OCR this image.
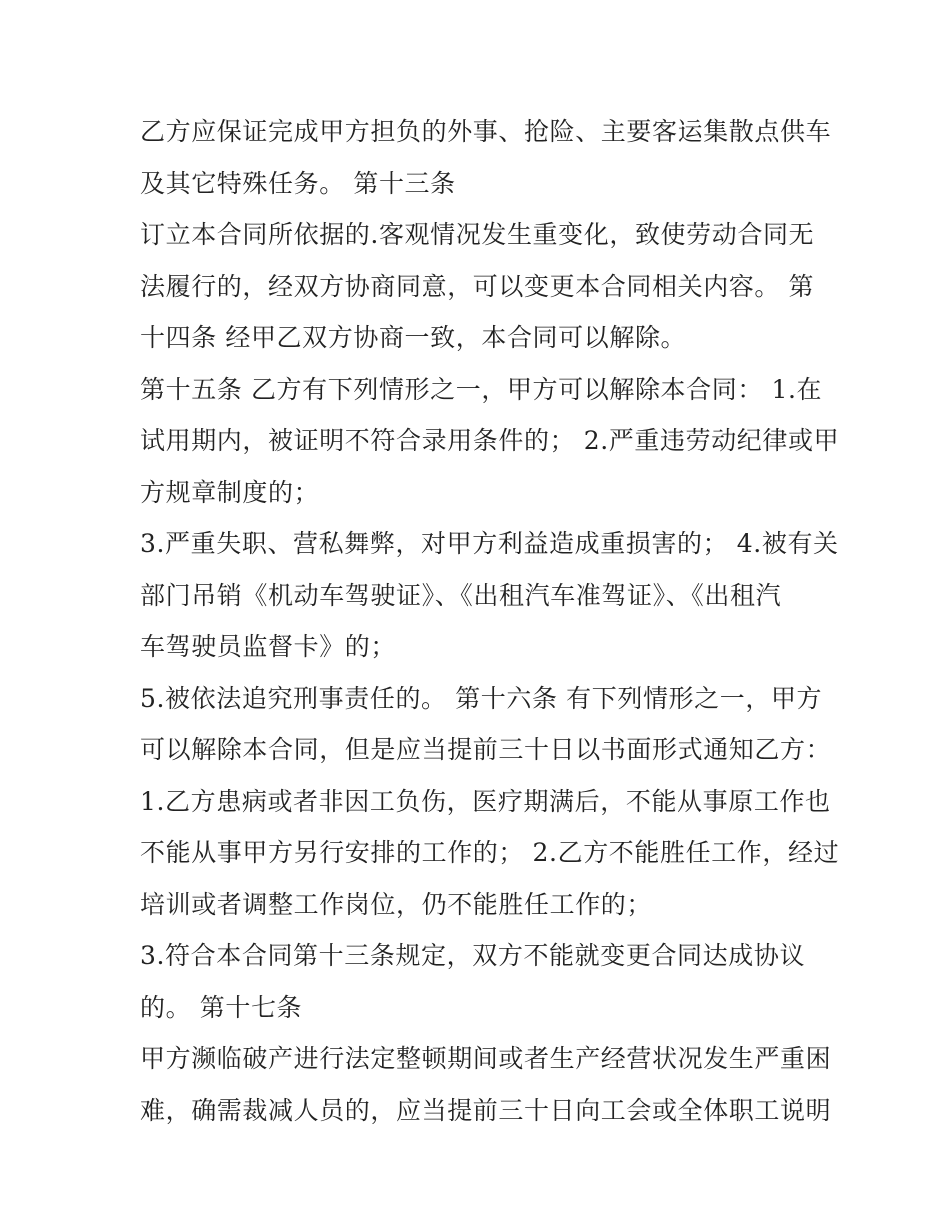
乙方应保证完成甲方担负的外事、抢险、主要客运集散点供车
及其它特殊任务。 第十三条
订立本合同所依据的.客观情况发生重变化，致使劳动合同无
法履行的，经双方协商同意，可以变更本合同相关内容。 第
十四条 经甲乙双方协商一致，本合同可以解除。
第十五条 乙方有下列情形之一，甲方可以解除本合同： 1.在
试用期内，被证明不符合录用条件的； 2.严重违劳动纪律或甲
方规章制度的；
3.严重失职、营私舞弊，对甲方利益造成重损害的； 4.被有关
部门吊销《机动车驾驶证》、《出租汽车准驾证》、《出租汽
车驾驶员监督卡》的；
5.被依法追究刑事责任的。 第十六条 有下列情形之一，甲方
可以解除本合同，但是应当提前三十日以书面形式通知乙方：
1.乙方患病或者非因工负伤，医疗期满后，不能从事原工作也
不能从事甲方另行安排的工作的； 2.乙方不能胜任工作，经过
培训或者调整工作岗位，仍不能胜任工作的；
3.符合本合同第十三条规定，双方不能就变更合同达成协议
的。 第十七条
甲方濒临破产进行法定整顿期间或者生产经营状况发生严重困
难，确需裁减人员的，应当提前三十日向工会或全体职工说明
